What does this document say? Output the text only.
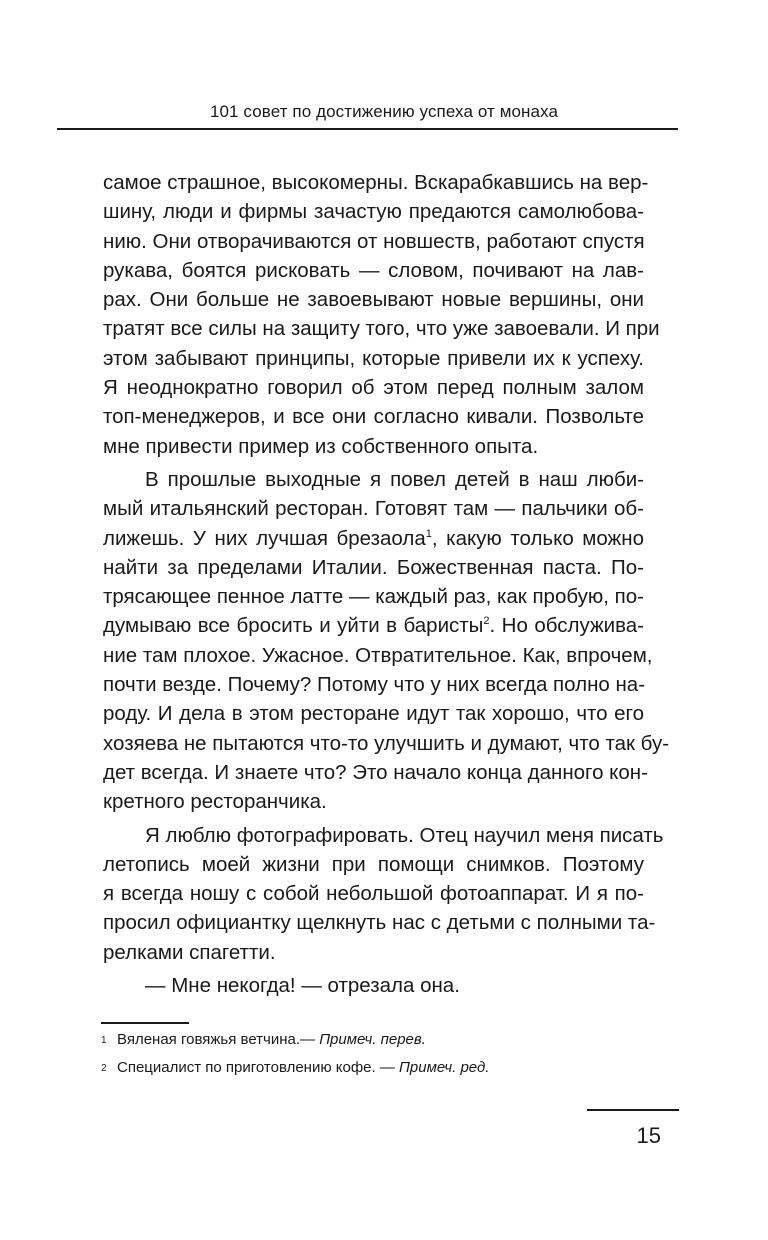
101 совет по достижению успеха от монаха
самое страшное, высокомерны. Вскарабкавшись на вер-
шину, люди и фирмы зачастую предаются самолюбова-
нию. Они отворачиваются от новшеств, работают спустя
рукава, боятся рисковать — словом, почивают на лав-
рах. Они больше не завоевывают новые вершины, они
тратят все силы на защиту того, что уже завоевали. И при
этом забывают принципы, которые привели их к успеху.
Я неоднократно говорил об этом перед полным залом
топ-менеджеров, и все они согласно кивали. Позвольте
мне привести пример из собственного опыта.
В прошлые выходные я повел детей в наш люби-
мый итальянский ресторан. Готовят там — пальчики об-
лижешь. У них лучшая брезаола$^1$, какую только можно
найти за пределами Италии. Божественная паста. По-
трясающее пенное латте — каждый раз, как пробую, по-
думываю все бросить и уйти в баристы$^2$. Но обслужива-
ние там плохое. Ужасное. Отвратительное. Как, впрочем,
почти везде. Почему? Потому что у них всегда полно на-
роду. И дела в этом ресторане идут так хорошо, что его
хозяева не пытаются что-то улучшить и думают, что так бу-
дет всегда. И знаете что? Это начало конца данного кон-
кретного ресторанчика.
Я люблю фотографировать. Отец научил меня писать
летопись моей жизни при помощи снимков. Поэтому
я всегда ношу с собой небольшой фотоаппарат. И я по-
просил официантку щелкнуть нас с детьми с полными та-
релками спагетти.
— Мне некогда! — отрезала она.
1 Вяленая говяжья ветчина.— Примеч. перев.
2 Специалист по приготовлению кофе. — Примеч. ред.
15
